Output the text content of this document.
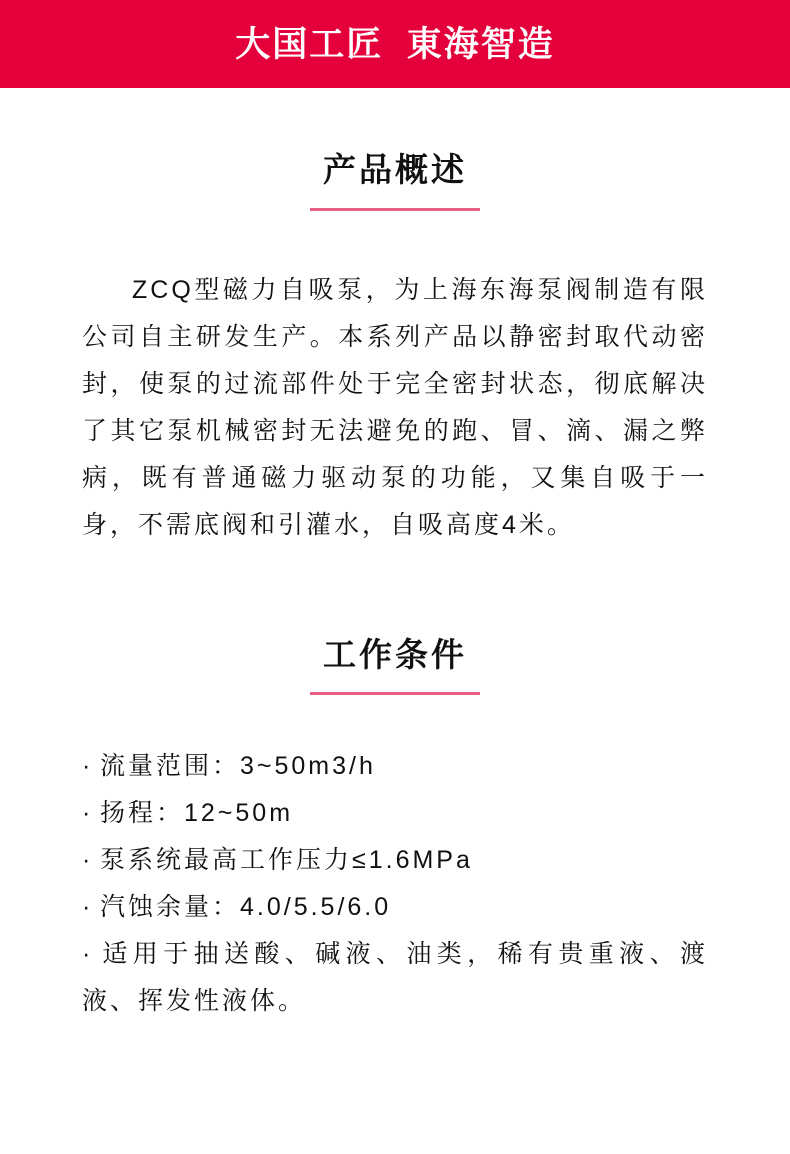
大国工匠  東海智造
产品概述

ZCQ型磁力自吸泵，为上海东海泵阀制造有限公司自主研发生产。本系列产品以静密封取代动密封，使泵的过流部件处于完全密封状态，彻底解决了其它泵机械密封无法避免的跑、冒、滴、漏之弊病，既有普通磁力驱动泵的功能，又集自吸于一身，不需底阀和引灌水，自吸高度4米。

工作条件
· 流量范围：3~50m3/h
· 扬程：12~50m
· 泵系统最高工作压力≤1.6MPa
· 汽蚀余量：4.0/5.5/6.0
· 适用于抽送酸、碱液、油类，稀有贵重液、渡液、挥发性液体。
